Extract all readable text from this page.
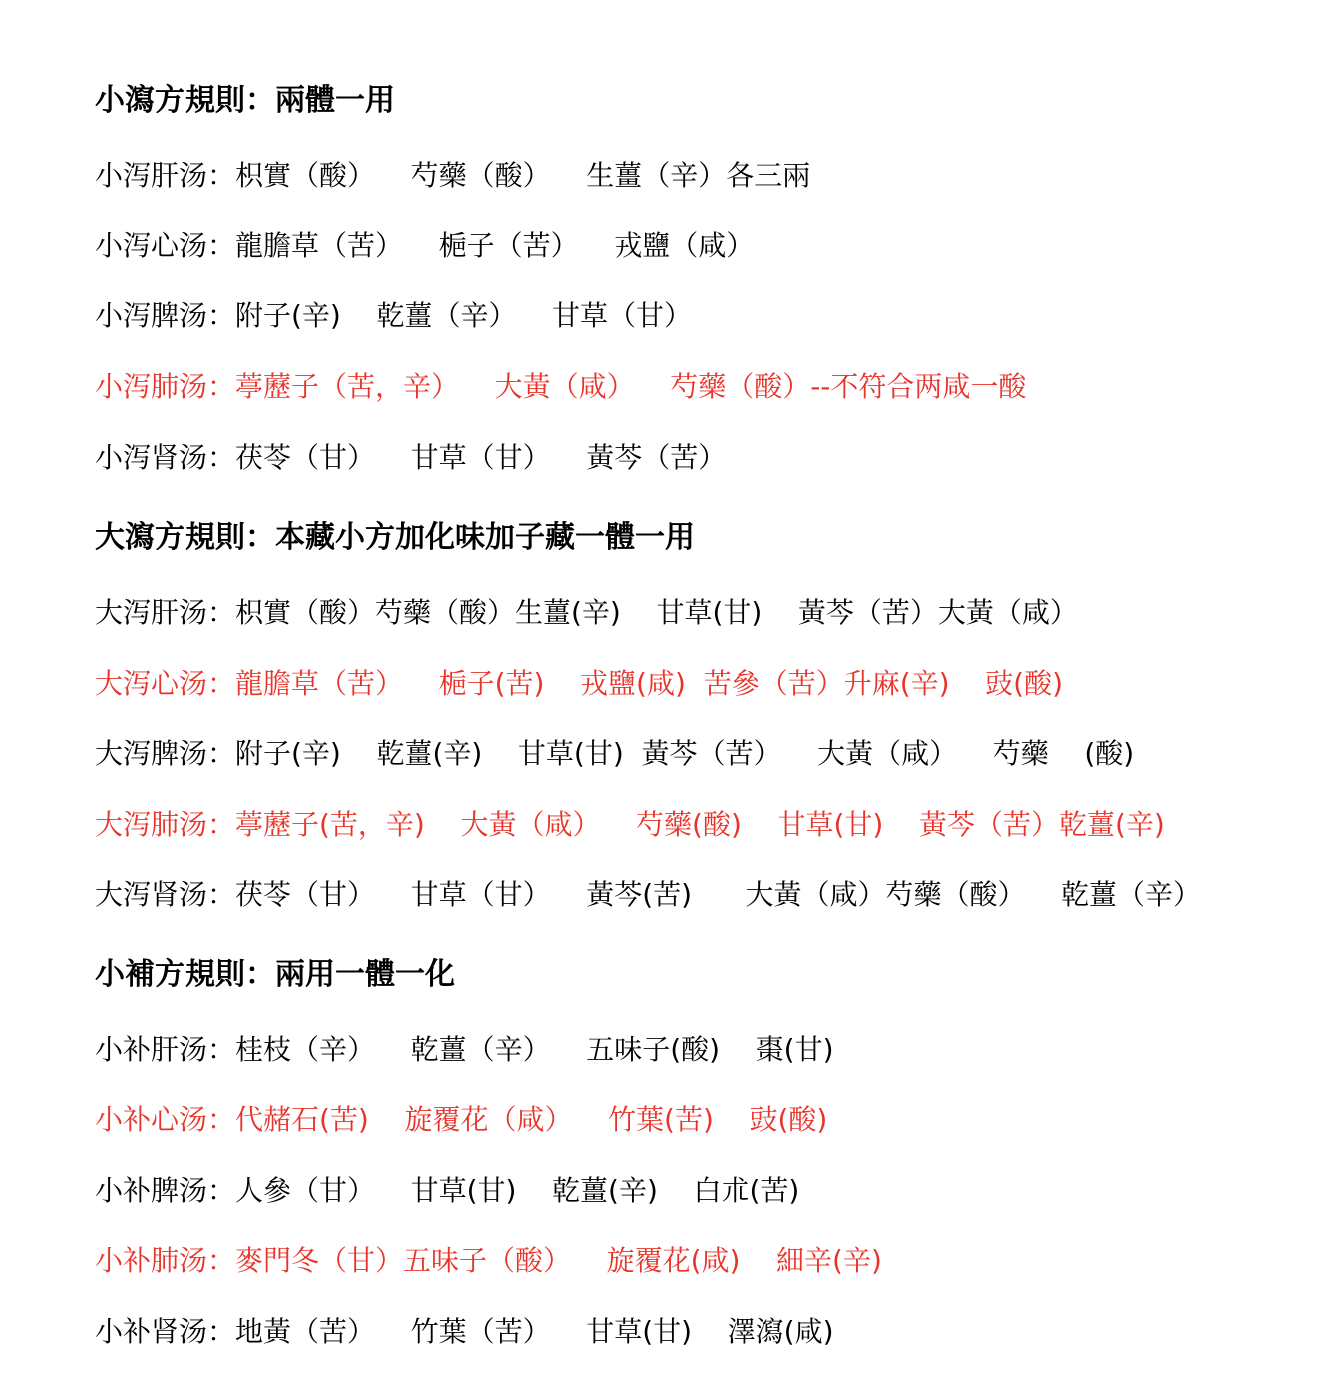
小瀉方規則：兩體一用

小泻肝汤：枳實（酸）    芍藥（酸）    生薑（辛）各三兩

小泻心汤：龍膽草（苦）    梔子（苦）    戎鹽（咸）

小泻脾汤：附子(辛)    乾薑（辛）    甘草（甘）

小泻肺汤：葶藶子（苦，辛）    大黃（咸）    芍藥（酸）--不符合两咸一酸

小泻肾汤：茯苓（甘）    甘草（甘）    黃芩（苦）

大瀉方規則：本藏小方加化味加子藏一體一用

大泻肝汤：枳實（酸）芍藥（酸）生薑(辛)    甘草(甘)    黃芩（苦）大黃（咸）

大泻心汤：龍膽草（苦）    梔子(苦)    戎鹽(咸)  苦參（苦）升麻(辛)    豉(酸)

大泻脾汤：附子(辛)    乾薑(辛)    甘草(甘)  黃芩（苦）    大黃（咸）    芍藥    (酸)

大泻肺汤：葶藶子(苦，辛)    大黃（咸）    芍藥(酸)    甘草(甘)    黃芩（苦）乾薑(辛)

大泻肾汤：茯苓（甘）    甘草（甘）    黃芩(苦)      大黃（咸）芍藥（酸）    乾薑（辛）

小補方規則：兩用一體一化

小补肝汤：桂枝（辛）    乾薑（辛）    五味子(酸)    棗(甘)

小补心汤：代赭石(苦)    旋覆花（咸）    竹葉(苦)    豉(酸)

小补脾汤：人參（甘）    甘草(甘)    乾薑(辛)    白朮(苦)

小补肺汤：麥門冬（甘）五味子（酸）    旋覆花(咸)    細辛(辛)

小补肾汤：地黃（苦）    竹葉（苦）    甘草(甘)    澤瀉(咸)
